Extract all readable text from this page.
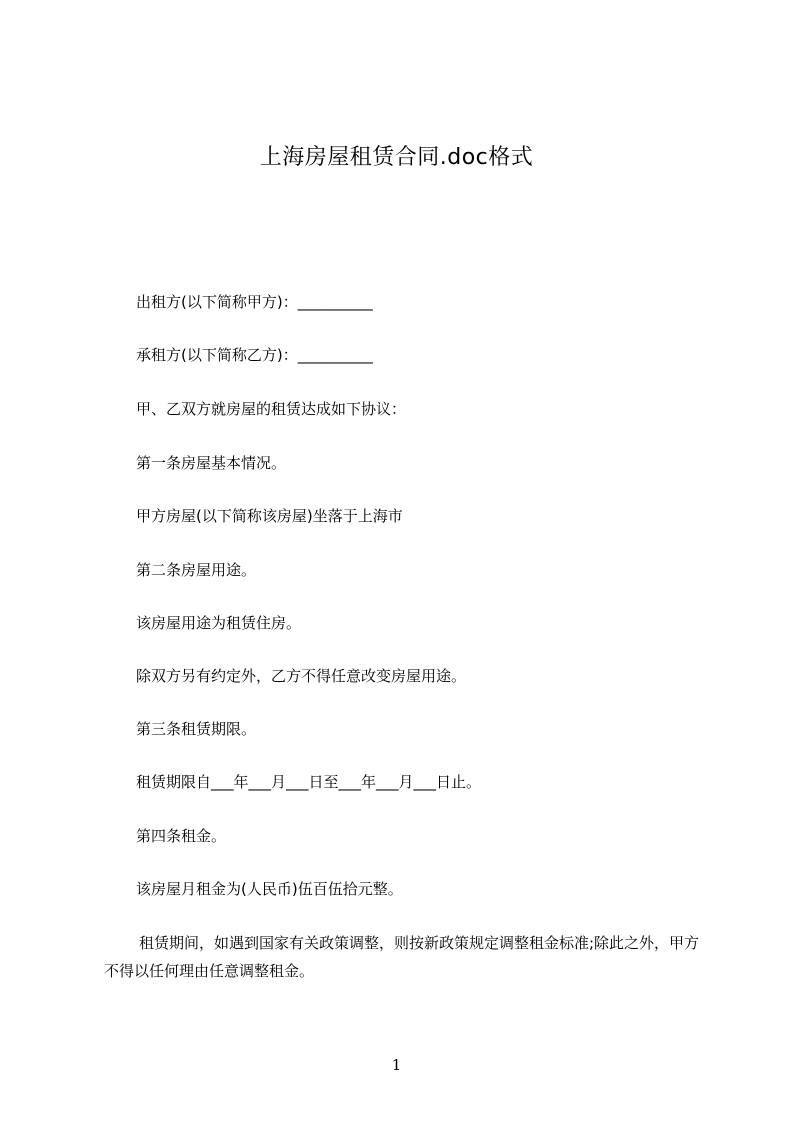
上海房屋租赁合同.doc格式
出租方(以下简称甲方)：__________
承租方(以下简称乙方)：__________
甲、乙双方就房屋的租赁达成如下协议：
第一条房屋基本情况。
甲方房屋(以下简称该房屋)坐落于上海市
第二条房屋用途。
该房屋用途为租赁住房。
除双方另有约定外，乙方不得任意改变房屋用途。
第三条租赁期限。
租赁期限自___年___月___日至___年___月___日止。
第四条租金。
该房屋月租金为(人民币)伍百伍拾元整。
租赁期间，如遇到国家有关政策调整，则按新政策规定调整租金标准;除此之外，甲方不得以任何理由任意调整租金。
1
